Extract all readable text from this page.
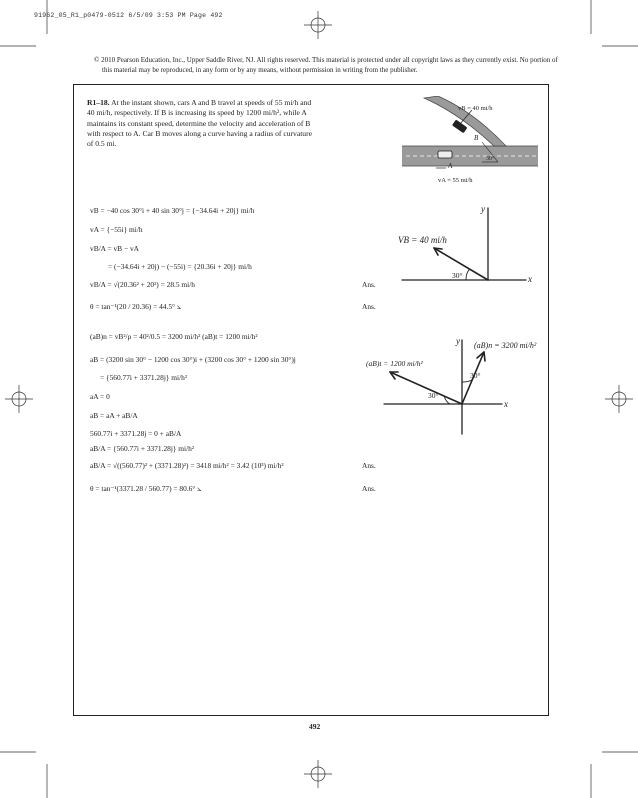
91962_05_R1_p0479-0512 6/5/09 3:53 PM Page 492
© 2010 Pearson Education, Inc., Upper Saddle River, NJ. All rights reserved. This material is protected under all copyright laws as they currently exist. No portion of this material may be reproduced, in any form or by any means, without permission in writing from the publisher.
R1–18. At the instant shown, cars A and B travel at speeds of 55 mi/h and 40 mi/h, respectively. If B is increasing its speed by 1200 mi/h², while A maintains its constant speed, determine the velocity and acceleration of B with respect to A. Car B moves along a curve having a radius of curvature of 0.5 mi.
vB = 40 mi/h
B
A
30°
vA = 55 mi/h
vB = −40 cos 30°i + 40 sin 30°j = {−34.64i + 20j} mi/h
vA = {−55i} mi/h
vB/A = vB − vA
= (−34.64i + 20j) − (−55i) = {20.36i + 20j} mi/h
vB/A = √(20.36² + 20²) = 28.5 mi/h	Ans.
θ = tan⁻¹(20 / 20.36) = 44.5° ⦣	Ans.
(aB)n = vB²/ρ = 40²/0.5 = 3200 mi/h² (aB)t = 1200 mi/h²
aB = (3200 sin 30° − 1200 cos 30°)i + (3200 cos 30° + 1200 sin 30°)j
= {560.77i + 3371.28j} mi/h²
aA = 0
aB = aA + aB/A
560.77i + 3371.28j = 0 + aB/A
aB/A = {560.77i + 3371.28j} mi/h²
aB/A = √((560.77)² + (3371.28)²) = 3418 mi/h² = 3.42 (10³) mi/h²	Ans.
θ = tan⁻¹(3371.28 / 560.77) = 80.6° ⦣	Ans.
y
x
VB = 40 mi/h
30°
y
x
(aB)n = 3200 mi/h²
(aB)t = 1200 mi/h²
30°
30°
492
